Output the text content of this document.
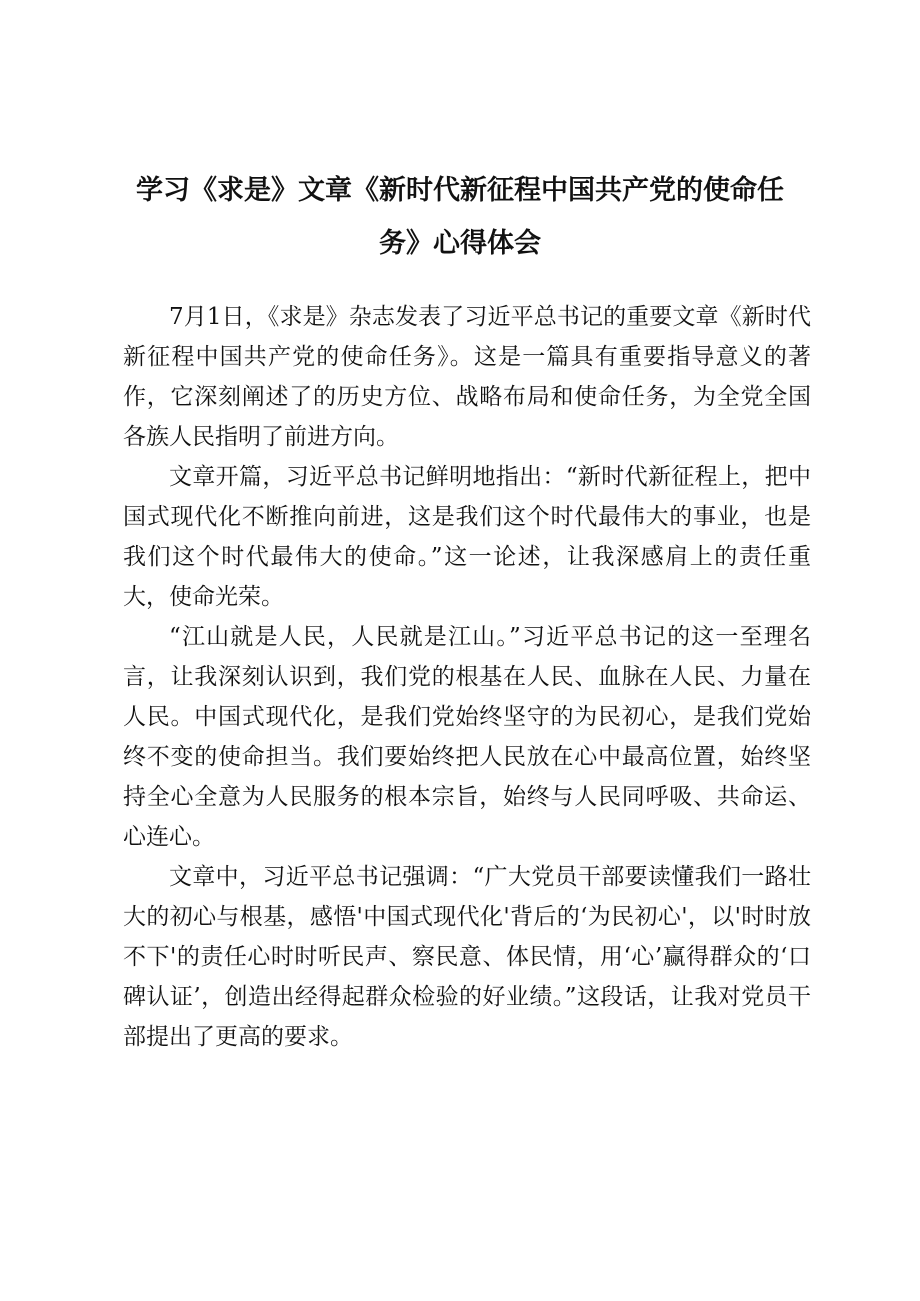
学习《求是》文章《新时代新征程中国共产党的使命任务》心得体会

7月1日，《求是》杂志发表了习近平总书记的重要文章《新时代新征程中国共产党的使命任务》。这是一篇具有重要指导意义的著作，它深刻阐述了的历史方位、战略布局和使命任务，为全党全国各族人民指明了前进方向。

文章开篇，习近平总书记鲜明地指出：“新时代新征程上，把中国式现代化不断推向前进，这是我们这个时代最伟大的事业，也是我们这个时代最伟大的使命。”这一论述，让我深感肩上的责任重大，使命光荣。

“江山就是人民，人民就是江山。”习近平总书记的这一至理名言，让我深刻认识到，我们党的根基在人民、血脉在人民、力量在人民。中国式现代化，是我们党始终坚守的为民初心，是我们党始终不变的使命担当。我们要始终把人民放在心中最高位置，始终坚持全心全意为人民服务的根本宗旨，始终与人民同呼吸、共命运、心连心。

文章中，习近平总书记强调：“广大党员干部要读懂我们一路壮大的初心与根基，感悟'中国式现代化'背后的‘为民初心'，以'时时放不下'的责任心时时听民声、察民意、体民情，用‘心’赢得群众的‘口碑认证’，创造出经得起群众检验的好业绩。”这段话，让我对党员干部提出了更高的要求。
